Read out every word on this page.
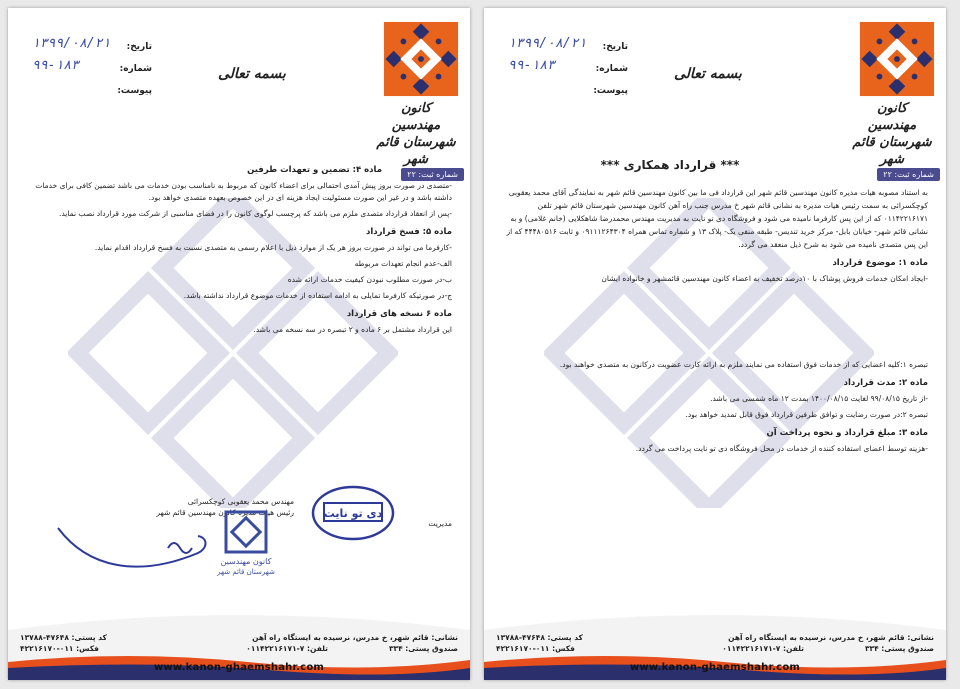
کانون مهندسین
شهرستان قائم شهر
شماره ثبت: ۲۲
بسمه تعالی
تاریخ:
۱۳۹۹/۰۸/۲۱
شماره:
۹۹-۱۸۳
پیوست:
ماده ۴: تضمین و تعهدات طرفین

-متصدی در صورت بروز پیش آمدی احتمالی برای اعضاء کانون که مربوط به نامناسب بودن خدمات می باشد تضمین کافی برای خدمات داشته باشد و در غیر این صورت مسئولیت ایجاد هزینه ای در این خصوص بعهده متصدی خواهد بود.

-پس از انعقاد قرارداد متصدی ملزم می باشد که پرچسب لوگوی کانون را در فضای مناسبی از شرکت مورد قرارداد نصب نماید.

ماده ۵: فسخ قرارداد

-کارفرما می تواند در صورت بروز هر یک از موارد ذیل با اعلام رسمی به متصدی نسبت به فسخ قرارداد اقدام نماید.

الف-عدم انجام تعهدات مربوطه

ب-در صورت مطلوب نبودن کیفیت خدمات ارائه شده

ج-در صورتیکه کارفرما تمایلی به ادامه استفاده از خدمات موضوع قرارداد نداشته باشد.

ماده ۶ نسخه های قرارداد

این قرارداد مشتمل بر ۶ ماده و ۲ تبصره در سه نسخه می باشد.

مهندس محمد یعقوبی کوچکسرائی
رئیس هیات مدیره کانون مهندسین قائم شهر
کانون مهندسین
شهرستان قائم شهر
دی تو نایت
مدیریت
نشانی: قائم شهر، خ مدرس، نرسیده به ایستگاه راه آهن
کد پستی: ۴۷۶۴۸-۱۳۷۸۸
صندوق پستی: ۳۳۴
تلفن: ۷-۰۱۱۴۲۲۱۶۱۷۱
فکس: ۰۱۱-۴۲۲۱۶۱۷۰
www.kanon-ghaemshahr.com
کانون مهندسین
شهرستان قائم شهر
شماره ثبت: ۲۲
بسمه تعالی
تاریخ:
۱۳۹۹/۰۸/۲۱
شماره:
۹۹-۱۸۳
پیوست:
*** قرارداد همکاری ***

به استناد مصوبه هیات مدیره کانون مهندسین قائم شهر این قرارداد فی ما بین کانون مهندسین قائم شهر به نمایندگی آقای محمد یعقوبی کوچکسرائی به سمت رئیس هیات مدیره به نشانی قائم شهر خ مدرس جنب راه آهن کانون مهندسین شهرستان قائم شهر تلفن ۰۱۱۴۲۲۱۶۱۷۱ که از این پس کارفرما نامیده می شود و فروشگاه دی تو نایت به مدیریت مهندس محمدرضا شاهکلایی (خانم غلامی) و به نشانی قائم شهر- خیابان بابل- مرکز خرید تندیس- طبقه منفی یک- پلاک ۱۳ و شماره تماس همراه ۰۹۱۱۱۲۶۴۳۰۴ و ثابت ۴۴۴۸۰۵۱۶ که از این پس متصدی نامیده می شود به شرح ذیل منعقد می گردد.

ماده ۱: موضوع قرارداد

-ایجاد امکان خدمات فروش پوشاک با ۱۰درصد تخفیف به اعضاء کانون مهندسین قائمشهر و خانواده ایشان

تبصره ۱:کلیه اعضایی که از خدمات فوق استفاده می نمایند ملزم به ارائه کارت عضویت درکانون به متصدی خواهند بود.

ماده ۲: مدت قرارداد

-از تاریخ ۹۹/۰۸/۱۵ لغایت ۱۴۰۰/۰۸/۱۵ بمدت ۱۲ ماه شمسی می باشد.

تبصره ۲:در صورت رضایت و توافق طرفین قرارداد فوق قابل تمدید خواهد بود.

ماده ۳: مبلغ قرارداد و نحوه پرداخت آن

-هزینه توسط اعضای استفاده کننده از خدمات در محل فروشگاه دی تو نایت پرداخت می گردد.

نشانی: قائم شهر، خ مدرس، نرسیده به ایستگاه راه آهن
کد پستی: ۴۷۶۴۸-۱۳۷۸۸
صندوق پستی: ۳۳۴
تلفن: ۷-۰۱۱۴۲۲۱۶۱۷۱
فکس: ۰۱۱-۴۲۲۱۶۱۷۰
www.kanon-ghaemshahr.com
